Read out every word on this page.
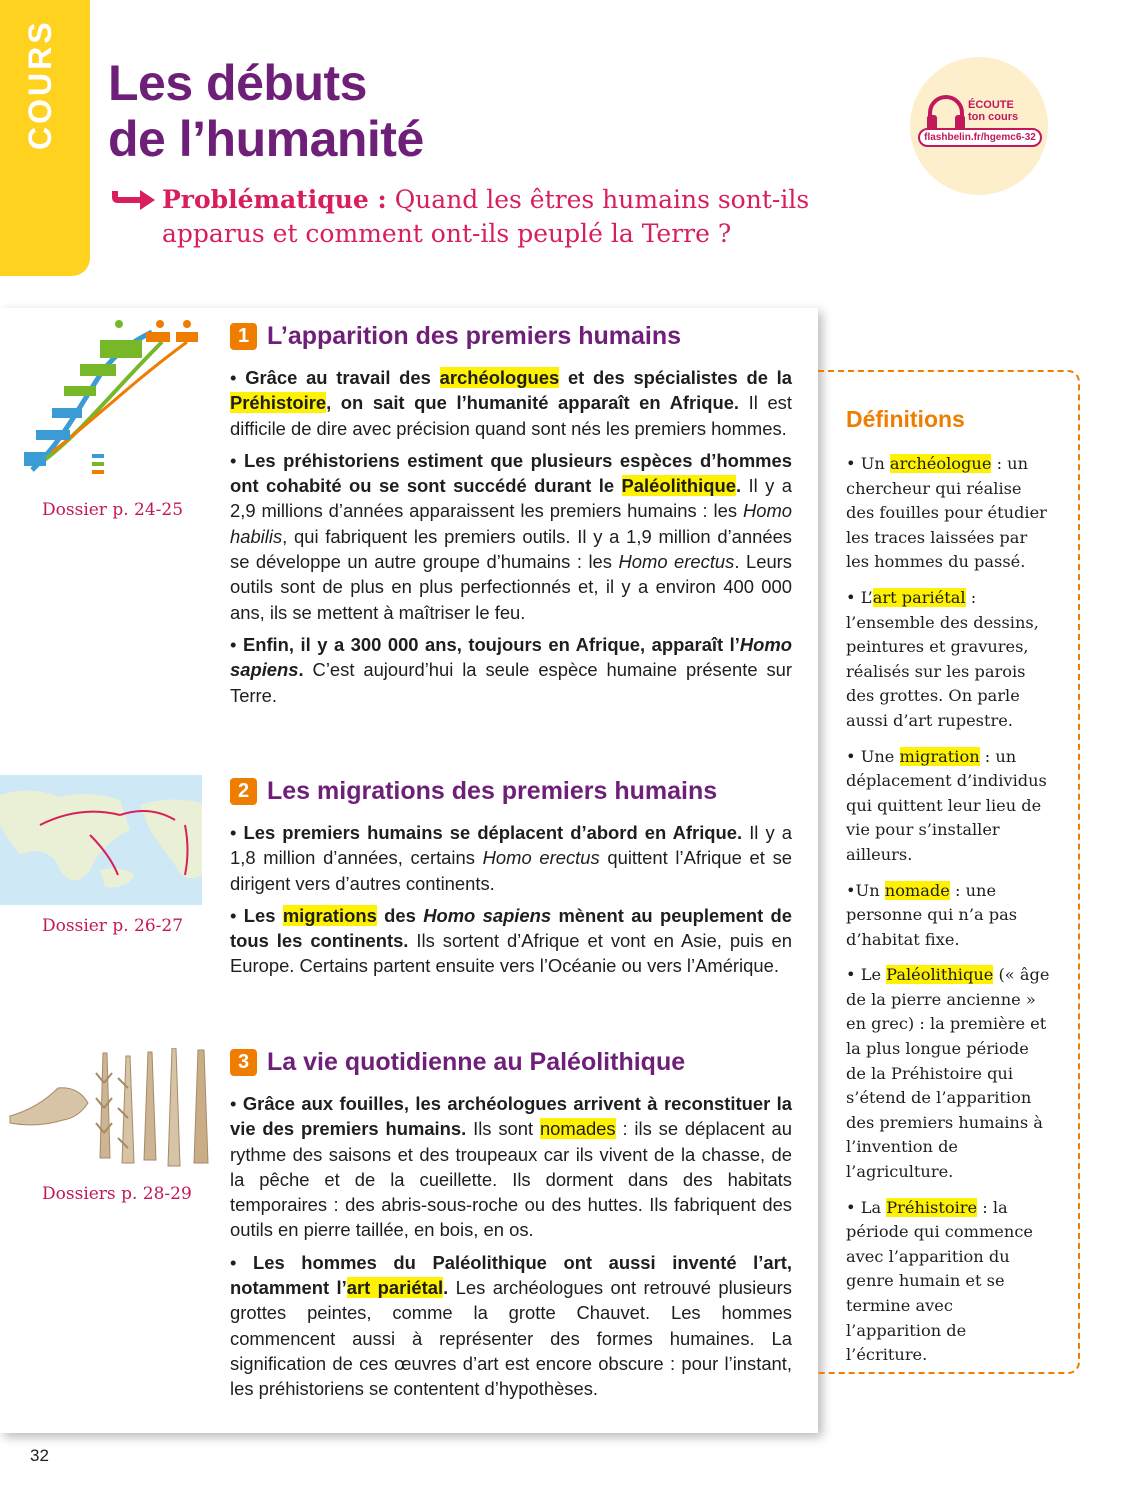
COURS Les débuts
de l’humanité
Problématique : Quand les êtres humains sont-ils apparus et comment ont-ils peuplé la Terre ?
ÉCOUTE
ton cours
flashbelin.fr/hgemc6-32
Dossier p. 24-25
Dossier p. 26-27
Dossiers p. 28-29
1 L’apparition des premiers humains

• Grâce au travail des archéologues et des spécialistes de la Préhistoire, on sait que l’humanité apparaît en Afrique. Il est difficile de dire avec précision quand sont nés les premiers hommes.

• Les préhistoriens estiment que plusieurs espèces d’hommes ont cohabité ou se sont succédé durant le Paléolithique. Il y a 2,9 millions d’années apparaissent les premiers humains : les Homo habilis, qui fabriquent les premiers outils. Il y a 1,9 million d’années se développe un autre groupe d’humains : les Homo erectus. Leurs outils sont de plus en plus perfectionnés et, il y a environ 400 000 ans, ils se mettent à maîtriser le feu.

• Enfin, il y a 300 000 ans, toujours en Afrique, apparaît l’Homo sapiens. C’est aujourd’hui la seule espèce humaine présente sur Terre.

2 Les migrations des premiers humains

• Les premiers humains se déplacent d’abord en Afrique. Il y a 1,8 million d’années, certains Homo erectus quittent l’Afrique et se dirigent vers d’autres continents.

• Les migrations des Homo sapiens mènent au peuplement de tous les continents. Ils sortent d’Afrique et vont en Asie, puis en Europe. Certains partent ensuite vers l’Océanie ou vers l’Amérique.

3 La vie quotidienne au Paléolithique

• Grâce aux fouilles, les archéologues arrivent à reconstituer la vie des premiers humains. Ils sont nomades : ils se déplacent au rythme des saisons et des troupeaux car ils vivent de la chasse, de la pêche et de la cueillette. Ils dorment dans des habitats temporaires : des abris-sous-roche ou des huttes. Ils fabriquent des outils en pierre taillée, en bois, en os.

• Les hommes du Paléolithique ont aussi inventé l’art, notamment l’art pariétal. Les archéologues ont retrouvé plusieurs grottes peintes, comme la grotte Chauvet. Les hommes commencent aussi à représenter des formes humaines. La signification de ces œuvres d’art est encore obscure : pour l’instant, les préhistoriens se contentent d’hypothèses.

Définitions

• Un archéologue : un chercheur qui réalise des fouilles pour étudier les traces laissées par les hommes du passé.

• L’art pariétal : l’ensemble des dessins, peintures et gravures, réalisés sur les parois des grottes. On parle aussi d’art rupestre.

• Une migration : un déplacement d’individus qui quittent leur lieu de vie pour s’installer ailleurs.

•Un nomade : une personne qui n’a pas d’habitat fixe.

• Le Paléolithique (« âge de la pierre ancienne » en grec) : la première et la plus longue période de la Préhistoire qui s’étend de l’apparition des premiers humains à l’invention de l’agriculture.

• La Préhistoire : la période qui commence avec l’apparition du genre humain et se termine avec l’apparition de l’écriture.

32
